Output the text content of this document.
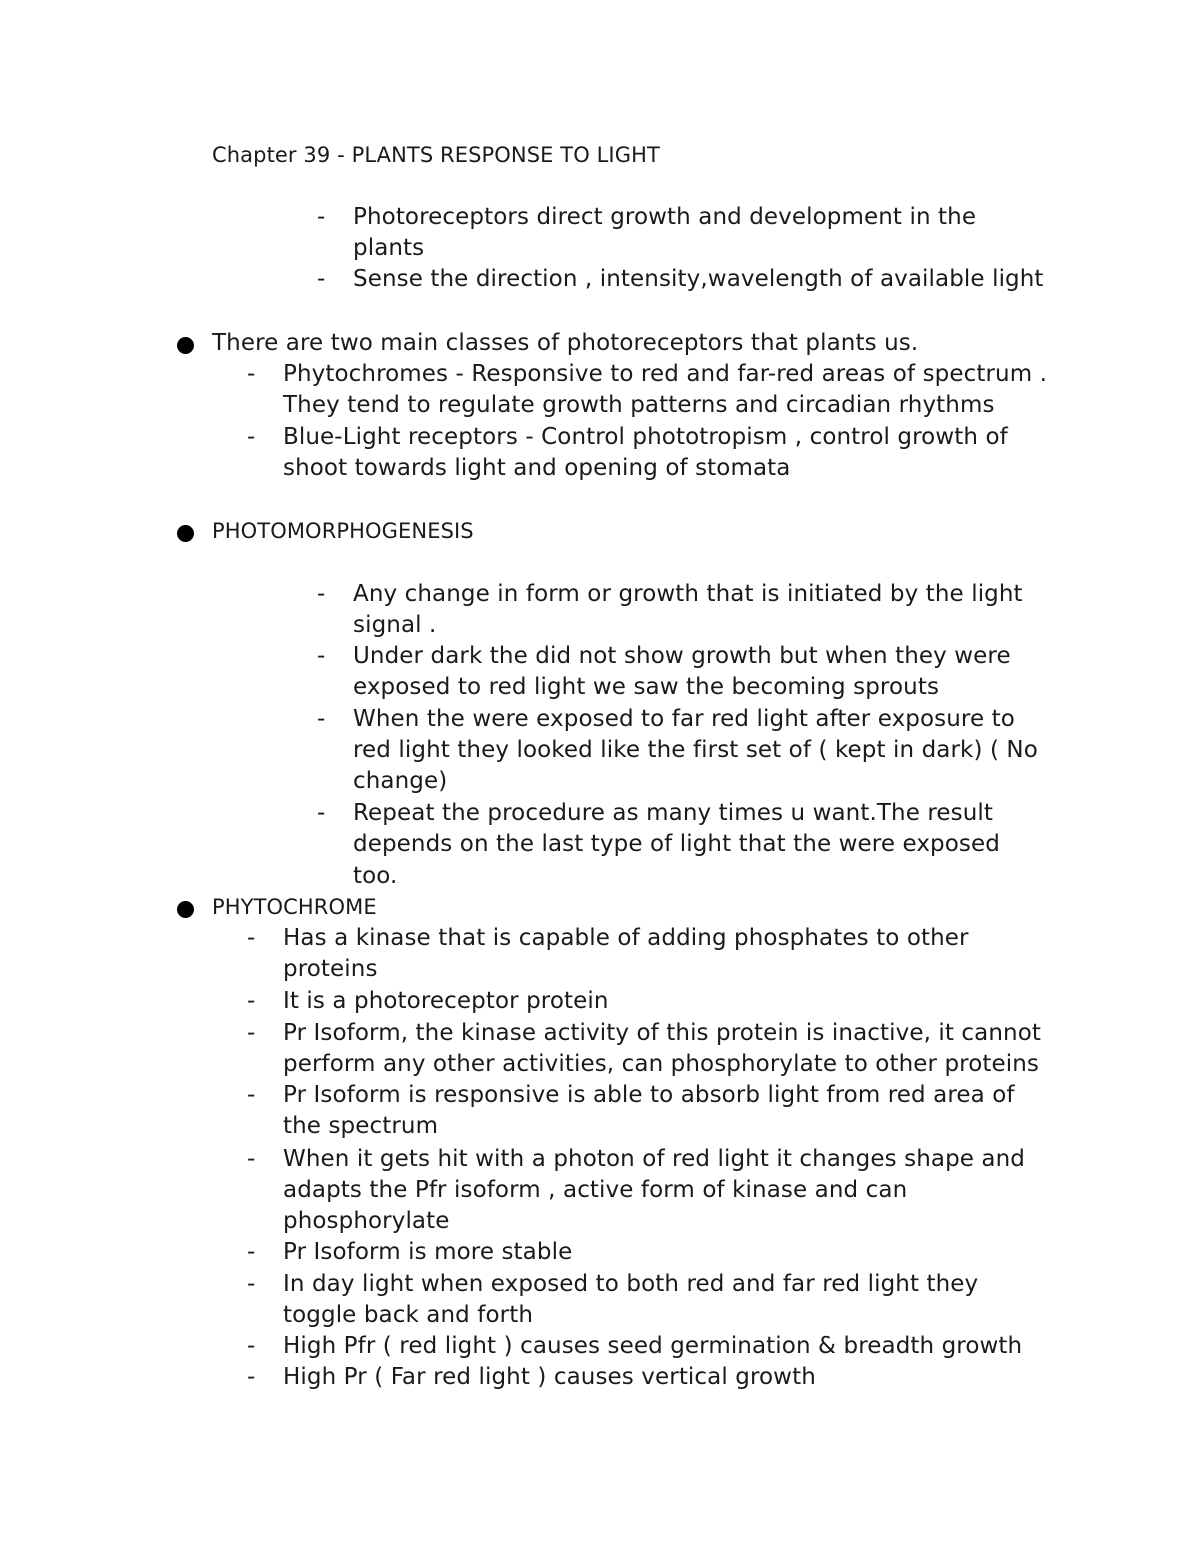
Chapter 39 - PLANTS RESPONSE TO LIGHT
- Photoreceptors direct growth and development in the
plants
- Sense the direction , intensity,wavelength of available light
There are two main classes of photoreceptors that plants us.
- Phytochromes - Responsive to red and far-red areas of spectrum .
They tend to regulate growth patterns and circadian rhythms
- Blue-Light receptors - Control phototropism , control growth of
shoot towards light and opening of stomata
PHOTOMORPHOGENESIS
- Any change in form or growth that is initiated by the light
signal .
- Under dark the did not show growth but when they were
exposed to red light we saw the becoming sprouts
- When the were exposed to far red light after exposure to
red light they looked like the first set of ( kept in dark) ( No
change)
- Repeat the procedure as many times u want.The result
depends on the last type of light that the were exposed
too.
PHYTOCHROME
- Has a kinase that is capable of adding phosphates to other
proteins
- It is a photoreceptor protein
- Pr Isoform, the kinase activity of this protein is inactive, it cannot
perform any other activities, can phosphorylate to other proteins
- Pr Isoform is responsive is able to absorb light from red area of
the spectrum
- When it gets hit with a photon of red light it changes shape and
adapts the Pfr isoform , active form of kinase and can
phosphorylate
- Pr Isoform is more stable
- In day light when exposed to both red and far red light they
toggle back and forth
- High Pfr ( red light ) causes seed germination & breadth growth
- High Pr ( Far red light ) causes vertical growth
